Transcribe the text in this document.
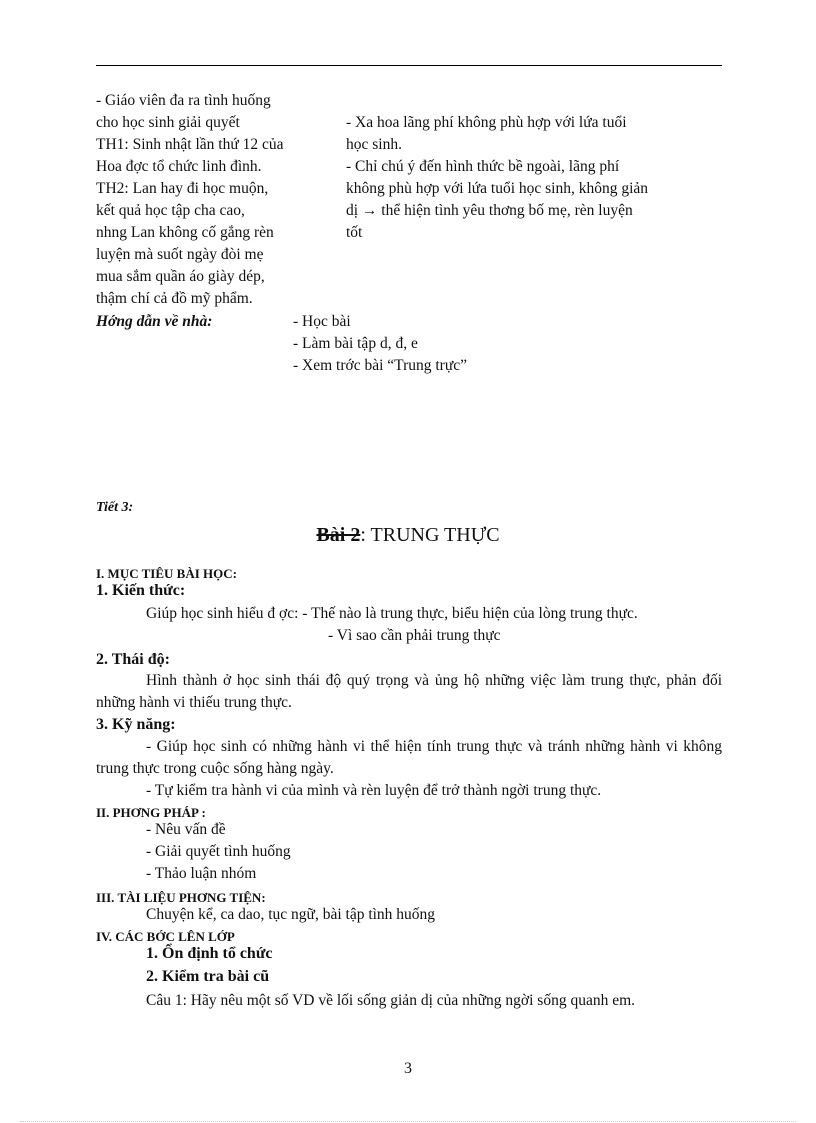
- Giáo viên đa ra tình huống

cho học sinh giải quyết

TH1: Sinh nhật lần thứ 12 của

Hoa đợc tổ chức linh đình.

TH2: Lan hay đi học muộn,

kết quả học tập cha cao,

nhng Lan không cố gắng rèn

luyện mà suốt ngày đòi mẹ

mua sắm quần áo giày dép,

thậm chí cả đồ mỹ phẩm.

- Xa hoa lãng phí không phù hợp với lứa tuổi

học sinh.

- Chỉ chú ý đến hình thức bề ngoài, lãng phí

không phù hợp với lứa tuổi học sinh, không giản

dị → thể hiện tình yêu thơng bố mẹ, rèn luyện

tốt

Hớng dẫn về nhà:	- Học bài
- Làm bài tập d, đ, e
- Xem trớc bài “Trung trực”
Tiết 3:
Bài 2: TRUNG THỰC
I. MỤC TIÊU BÀI HỌC:
1. Kiến thức:
Giúp học sinh hiểu đ ợc: - Thế nào là trung thực, biểu hiện của lòng trung thực.
- Vì sao cần phải trung thực
2. Thái độ:

Hình thành ở học sinh thái độ quý trọng và ủng hộ những việc làm trung thực, phản đối những hành vi thiếu trung thực.

3. Kỹ năng:

- Giúp học sinh có những hành vi thể hiện tính trung thực và tránh những hành vi không trung thực trong cuộc sống hàng ngày.

- Tự kiểm tra hành vi của mình và rèn luyện để trở thành ngời trung thực.

II. PHƠNG PHÁP :
- Nêu vấn đề
- Giải quyết tình huống
- Thảo luận nhóm
III. TÀI LIỆU PHƠNG TIỆN:
Chuyện kể, ca dao, tục ngữ, bài tập tình huống
IV. CÁC BỚC LÊN LỚP
1. Ổn định tổ chức
2. Kiểm tra bài cũ

Câu 1: Hãy nêu một số VD về lối sống giản dị của những ngời sống quanh em.

3
